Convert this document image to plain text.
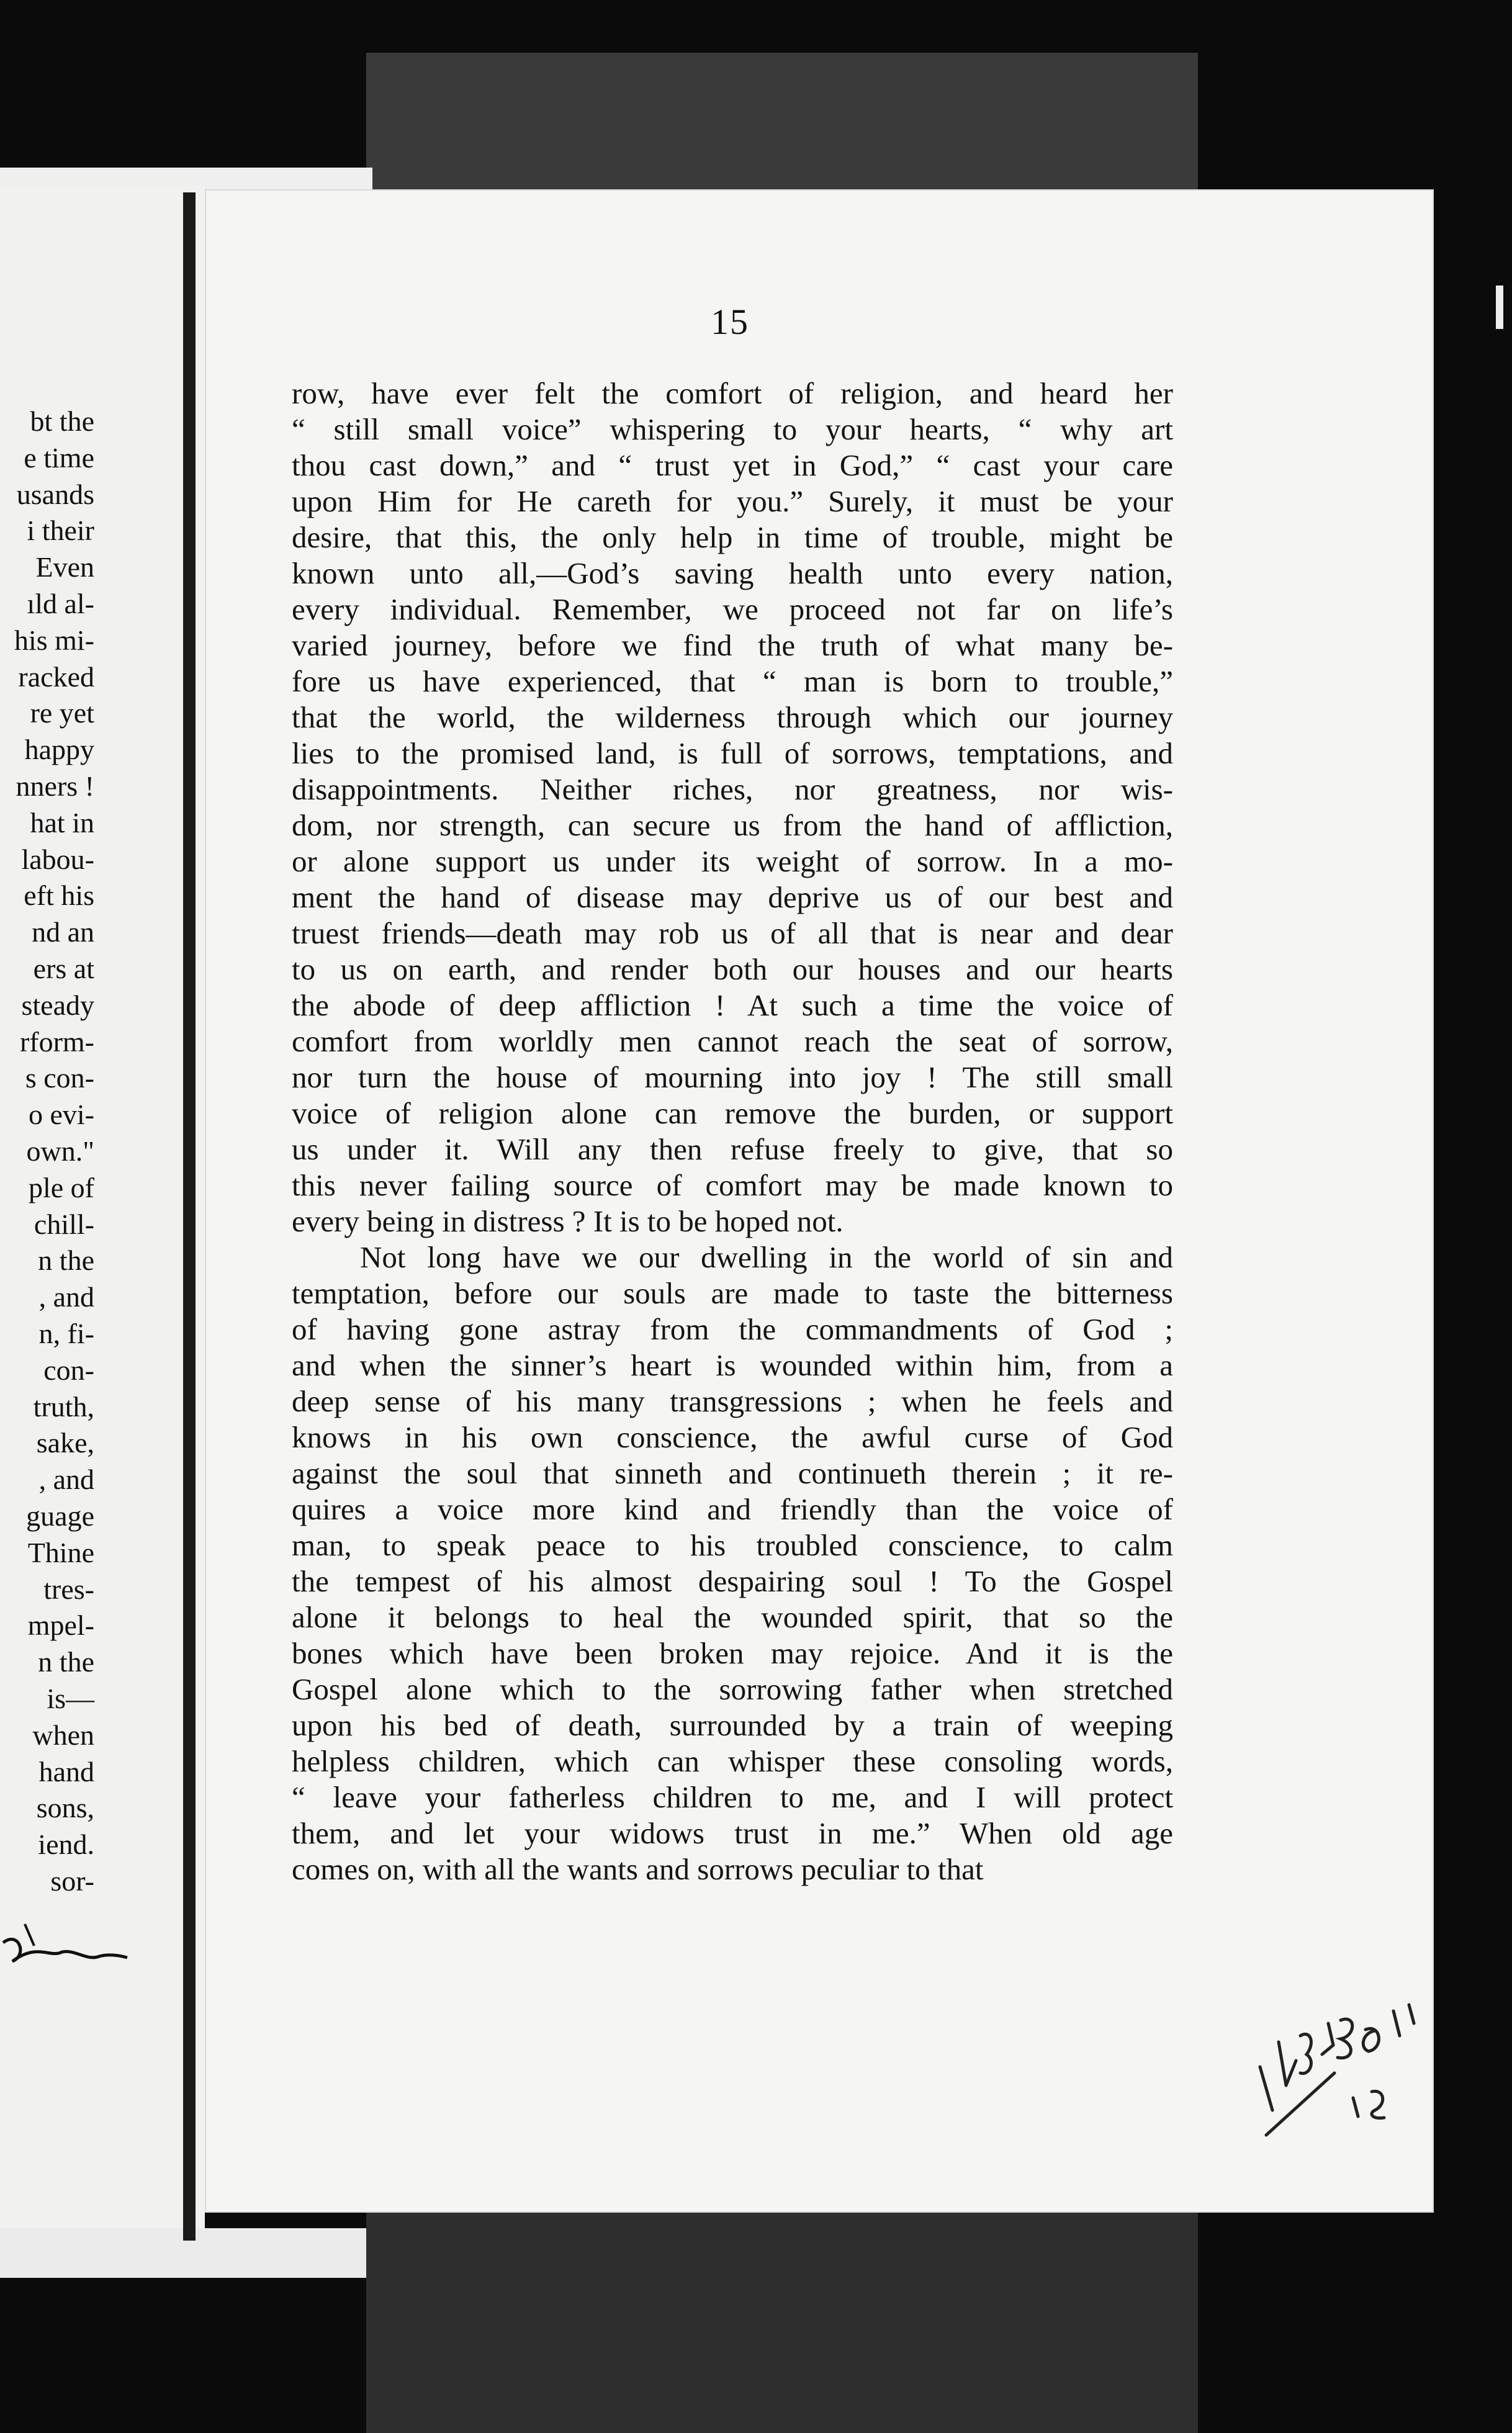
bt the
e time
usands
i their
Even
ıld al-
his mi-
racked
re yet
happy
nners !
hat in
labou-
eft his
nd an
ers at
steady
rform-
s con-
o evi-
own."
ple of
chill-
n the
, and
n, fi-
con-
truth,
sake,
, and
guage
Thine
tres-
mpel-
n the
is—
when
hand
sons,
iend.
sor-
15
row, have ever felt the comfort of religion, and heard her
“ still small voice” whispering to your hearts, “ why art
thou cast down,” and “ trust yet in God,” “ cast your care
upon Him for He careth for you.” Surely, it must be your
desire, that this, the only help in time of trouble, might be
known unto all,—God’s saving health unto every nation,
every individual. Remember, we proceed not far on life’s
varied journey, before we find the truth of what many be-
fore us have experienced, that “ man is born to trouble,”
that the world, the wilderness through which our journey
lies to the promised land, is full of sorrows, temptations, and
disappointments. Neither riches, nor greatness, nor wis-
dom, nor strength, can secure us from the hand of affliction,
or alone support us under its weight of sorrow. In a mo-
ment the hand of disease may deprive us of our best and
truest friends—death may rob us of all that is near and dear
to us on earth, and render both our houses and our hearts
the abode of deep affliction ! At such a time the voice of
comfort from worldly men cannot reach the seat of sorrow,
nor turn the house of mourning into joy ! The still small
voice of religion alone can remove the burden, or support
us under it. Will any then refuse freely to give, that so
this never failing source of comfort may be made known to
every being in distress ? It is to be hoped not.
Not long have we our dwelling in the world of sin and
temptation, before our souls are made to taste the bitterness
of having gone astray from the commandments of God ;
and when the sinner’s heart is wounded within him, from a
deep sense of his many transgressions ; when he feels and
knows in his own conscience, the awful curse of God
against the soul that sinneth and continueth therein ; it re-
quires a voice more kind and friendly than the voice of
man, to speak peace to his troubled conscience, to calm
the tempest of his almost despairing soul ! To the Gospel
alone it belongs to heal the wounded spirit, that so the
bones which have been broken may rejoice. And it is the
Gospel alone which to the sorrowing father when stretched
upon his bed of death, surrounded by a train of weeping
helpless children, which can whisper these consoling words,
“ leave your fatherless children to me, and I will protect
them, and let your widows trust in me.” When old age
comes on, with all the wants and sorrows peculiar to that
